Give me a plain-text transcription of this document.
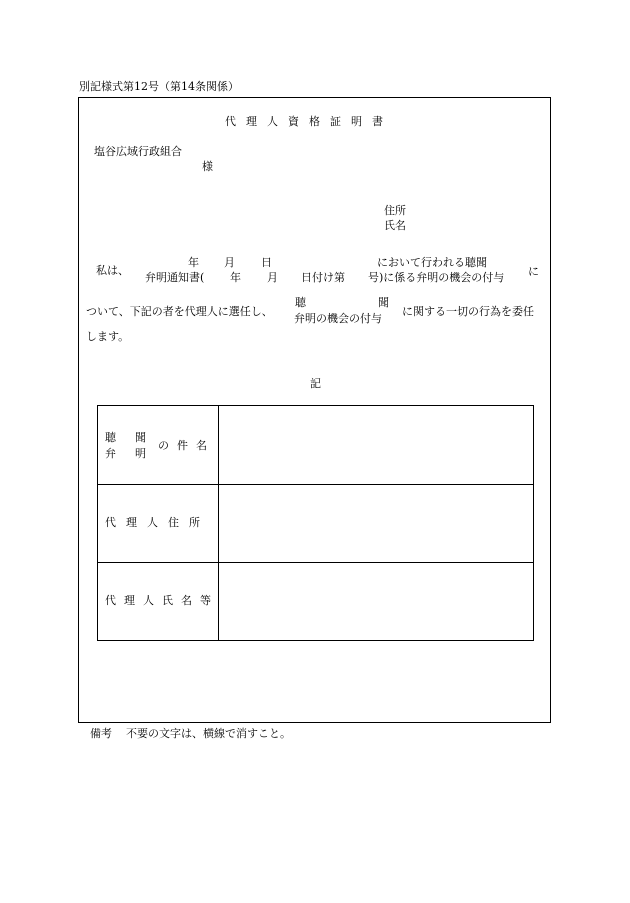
別記様式第12号（第14条関係）
代理人資格証明書
塩谷広域行政組合
様
住所
氏名
私は、
年 月 日	において行われる聴聞
弁明通知書( 年 月 日付け第 号)に係る弁明の機会の付与 に
ついて、下記の者を代理人に選任し、
聴	聞
弁明の機会の付与
に関する一切の行為を委任
します。
記
聴 聞
弁 明
の件名
代理人住所
代理人氏名等
備考 不要の文字は、横線で消すこと。
